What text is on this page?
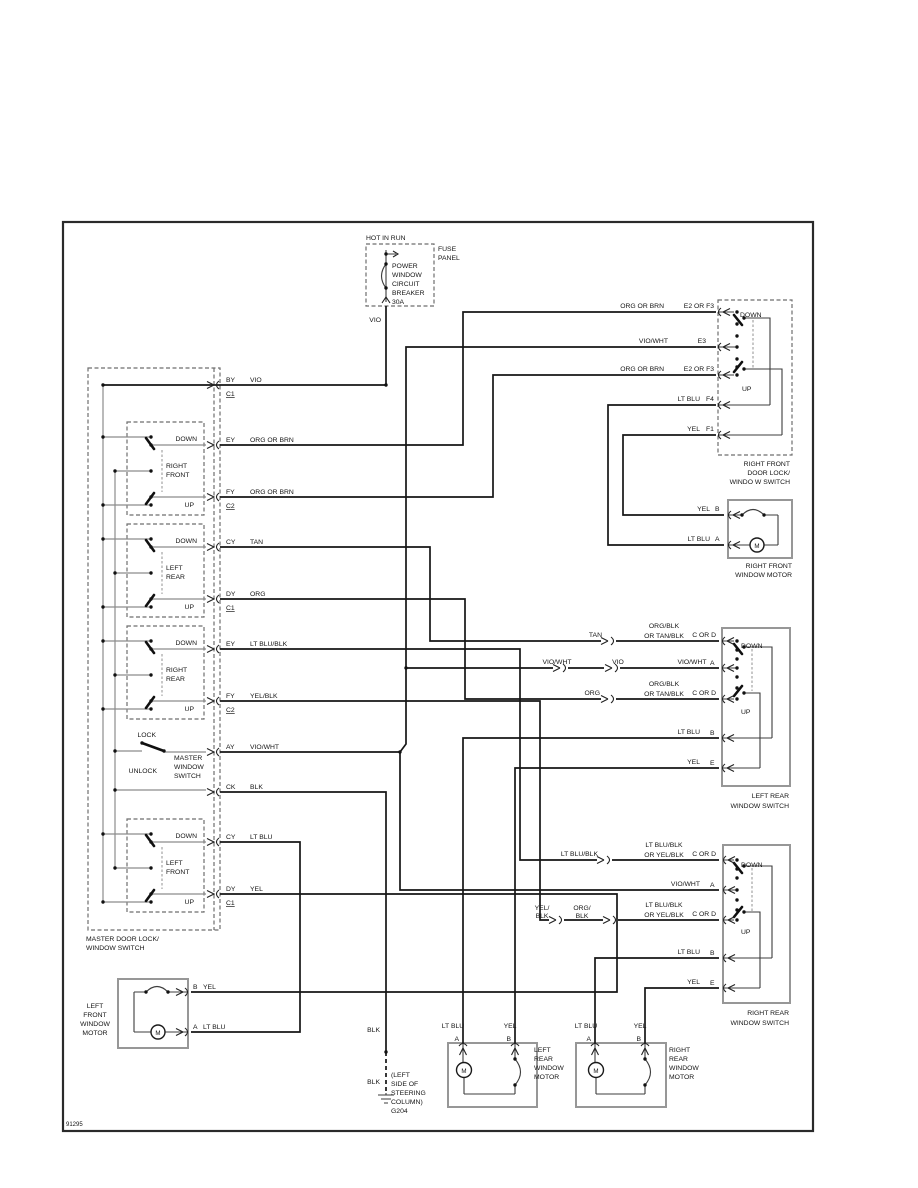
HOT IN RUN
FUSE
PANEL
POWER
WINDOW
CIRCUIT
BREAKER
30A
VIO
BY VIO
C1
EY ORG OR BRN
FY ORG OR BRN
C2
CY TAN
DY ORG
C1
EY LT BLU/BLK
FY YEL/BLK
C2
AY VIO/WHT
CK BLK
CY LT BLU
DY YEL
C1
DOWN
RIGHT
FRONT
UP
DOWN
LEFT
REAR
UP
DOWN
RIGHT
REAR
UP
LOCK
UNLOCK
MASTER
WINDOW
SWITCH
DOWN
LEFT
FRONT
UP
MASTER DOOR LOCK/
WINDOW SWITCH
ORG OR BRN	E2 OR F3
DOWN
VIO/WHT	E3
ORG OR BRN	E2 OR F3
UP
LT BLU F4
YEL F1
RIGHT FRONT
DOOR LOCK/
WINDO W SWITCH
YEL B
LT BLU A
RIGHT FRONT
WINDOW MOTOR
TAN
ORG/BLK
OR TAN/BLK C OR D
DOWN
VIO/WHT	VIO	VIO/WHT A
ORG
ORG/BLK
OR TAN/BLK C OR D
UP
LT BLU B
YEL E
LEFT REAR
WINDOW SWITCH
LT BLU/BLK
LT BLU/BLK
OR YEL/BLK C OR D
DOWN
VIO/WHT A
YEL/
BLK
ORG/
BLK
LT BLU/BLK
OR YEL/BLK C OR D
UP
LT BLU B
YEL E
RIGHT REAR
WINDOW SWITCH
B YEL
A LT BLU
LEFT
FRONT
WINDOW
MOTOR
LT BLU	YEL
A	B
LEFT
REAR
WINDOW
MOTOR
LT BLU	YEL
A	B
RIGHT
REAR
WINDOW
MOTOR
BLK
BLK
(LEFT
SIDE OF
STEERING
COLUMN)
G204
M
M
M	M
91295
